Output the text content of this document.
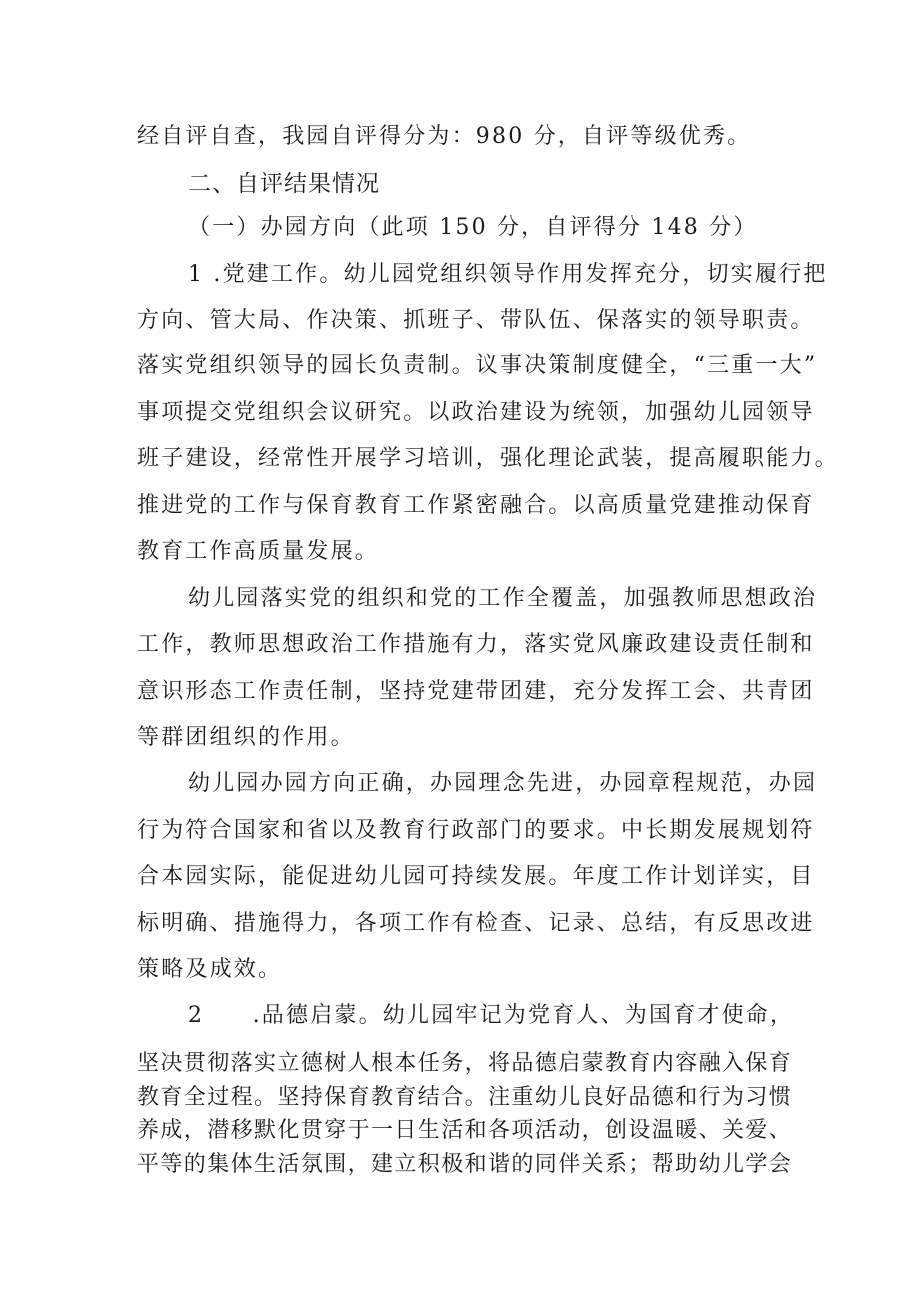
经自评自查，我园自评得分为：980 分，自评等级优秀。
二、自评结果情况
（一）办园方向（此项 150 分，自评得分 148 分）
1 .党建工作。幼儿园党组织领导作用发挥充分，切实履行把
方向、管大局、作决策、抓班子、带队伍、保落实的领导职责。
落实党组织领导的园长负责制。议事决策制度健全，“三重一大”
事项提交党组织会议研究。以政治建设为统领，加强幼儿园领导
班子建设，经常性开展学习培训，强化理论武装，提高履职能力。
推进党的工作与保育教育工作紧密融合。以高质量党建推动保育
教育工作高质量发展。
幼儿园落实党的组织和党的工作全覆盖，加强教师思想政治
工作，教师思想政治工作措施有力，落实党风廉政建设责任制和
意识形态工作责任制，坚持党建带团建，充分发挥工会、共青团
等群团组织的作用。
幼儿园办园方向正确，办园理念先进，办园章程规范，办园
行为符合国家和省以及教育行政部门的要求。中长期发展规划符
合本园实际，能促进幼儿园可持续发展。年度工作计划详实，目
标明确、措施得力，各项工作有检查、记录、总结，有反思改进
策略及成效。
2　　.品德启蒙。幼儿园牢记为党育人、为国育才使命，
坚决贯彻落实立德树人根本任务，将品德启蒙教育内容融入保育
教育全过程。坚持保育教育结合。注重幼儿良好品德和行为习惯
养成，潜移默化贯穿于一日生活和各项活动，创设温暖、关爱、
平等的集体生活氛围，建立积极和谐的同伴关系；帮助幼儿学会
